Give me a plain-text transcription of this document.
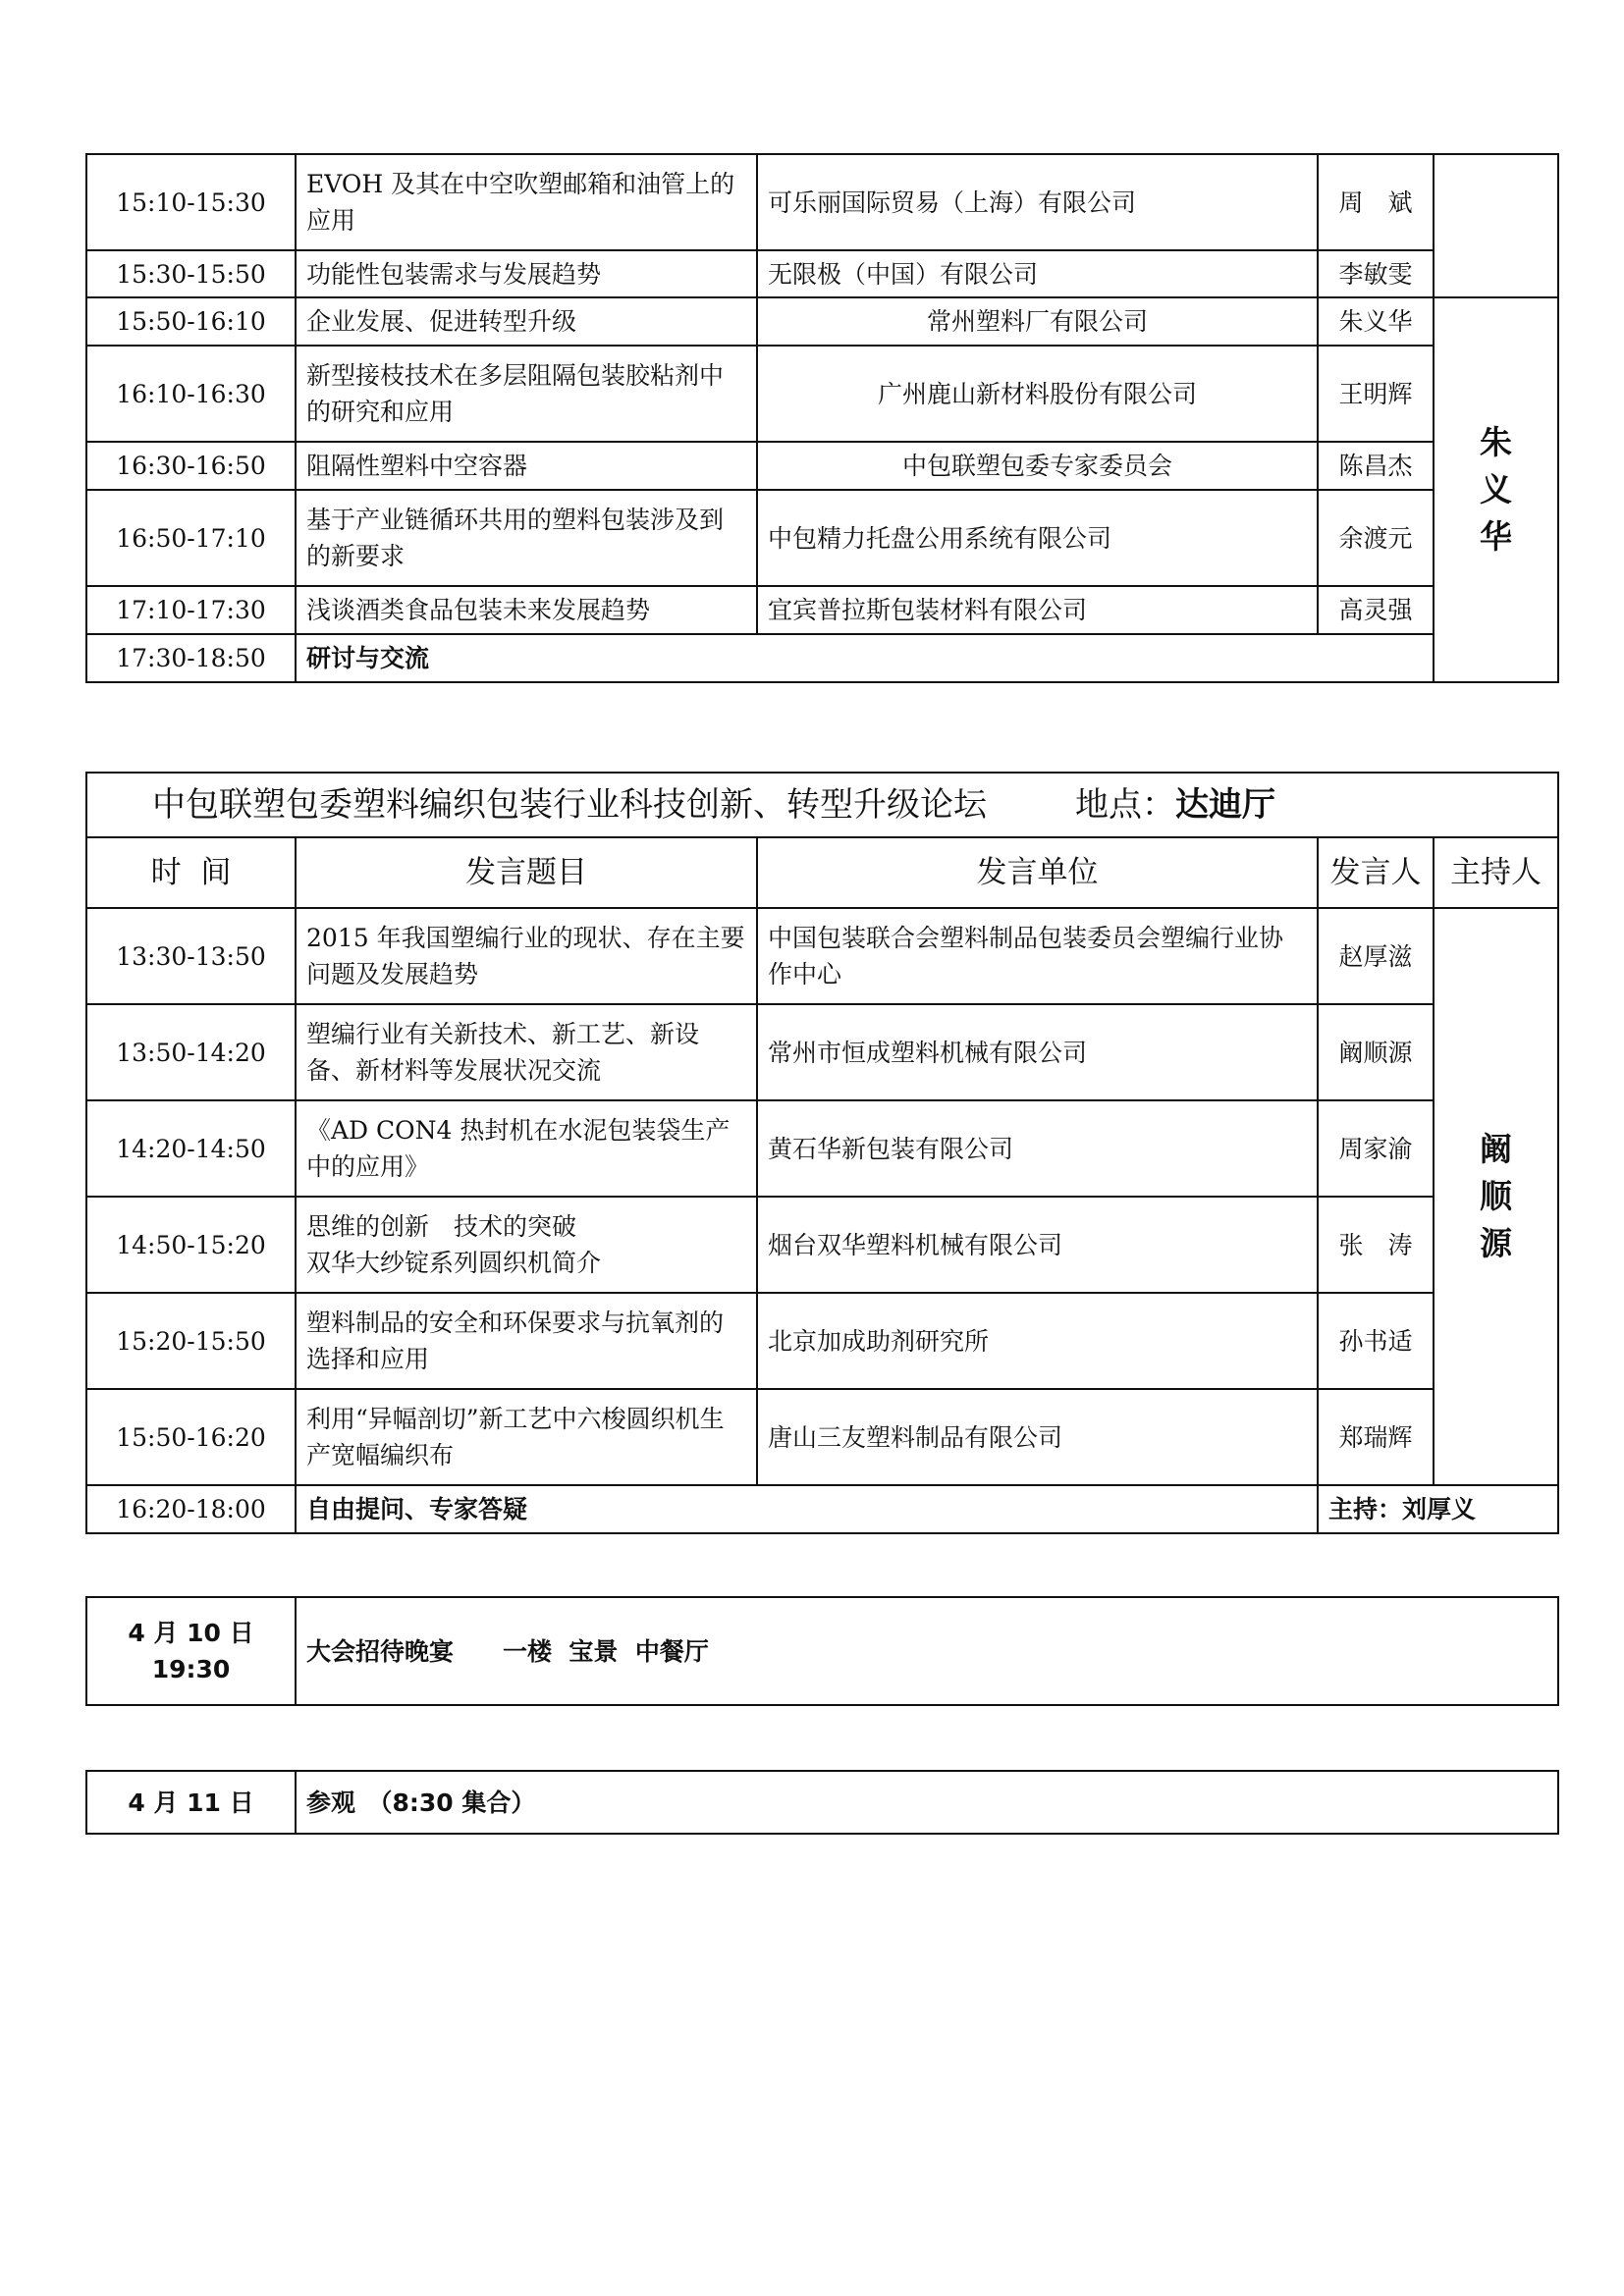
15:10-15:30	EVOH 及其在中空吹塑邮箱和油管上的应用	可乐丽国际贸易（上海）有限公司	周　斌	
15:30-15:50	功能性包装需求与发展趋势	无限极（中国）有限公司	李敏雯	
15:50-16:10	企业发展、促进转型升级	常州塑料厂有限公司	朱义华	朱义华

16:10-16:30	新型接枝技术在多层阻隔包装胶粘剂中的研究和应用	广州鹿山新材料股份有限公司	王明辉	
16:30-16:50	阻隔性塑料中空容器	中包联塑包委专家委员会	陈昌杰	
16:50-17:10	基于产业链循环共用的塑料包装涉及到的新要求	中包精力托盘公用系统有限公司	余渡元	
17:10-17:30	浅谈酒类食品包装未来发展趋势	宜宾普拉斯包装材料有限公司	高灵强	
17:30-18:50	研讨与交流			
中包联塑包委塑料编织包装行业科技创新、转型升级论坛 地点：达迪厅				
时  间	发言题目	发言单位	发言人	主持人
13:30-13:50	2015 年我国塑编行业的现状、存在主要问题及发展趋势	中国包装联合会塑料制品包装委员会塑编行业协作中心	赵厚滋	阚顺源

13:50-14:20	塑编行业有关新技术、新工艺、新设备、新材料等发展状况交流	常州市恒成塑料机械有限公司	阚顺源	
14:20-14:50	《AD CON4 热封机在水泥包装袋生产中的应用》	黄石华新包装有限公司	周家渝	
14:50-15:20	思维的创新　技术的突破
双华大纱锭系列圆织机简介	烟台双华塑料机械有限公司	张　涛	
15:20-15:50	塑料制品的安全和环保要求与抗氧剂的选择和应用	北京加成助剂研究所	孙书适	
15:50-16:20	利用“异幅剖切”新工艺中六梭圆织机生产宽幅编织布	唐山三友塑料制品有限公司	郑瑞辉	
16:20-18:00	自由提问、专家答疑		主持：刘厚义	
4 月 10 日
19:30
	大会招待晚宴　　一楼  宝景  中餐厅
4 月 11 日	参观　（8:30 集合）
